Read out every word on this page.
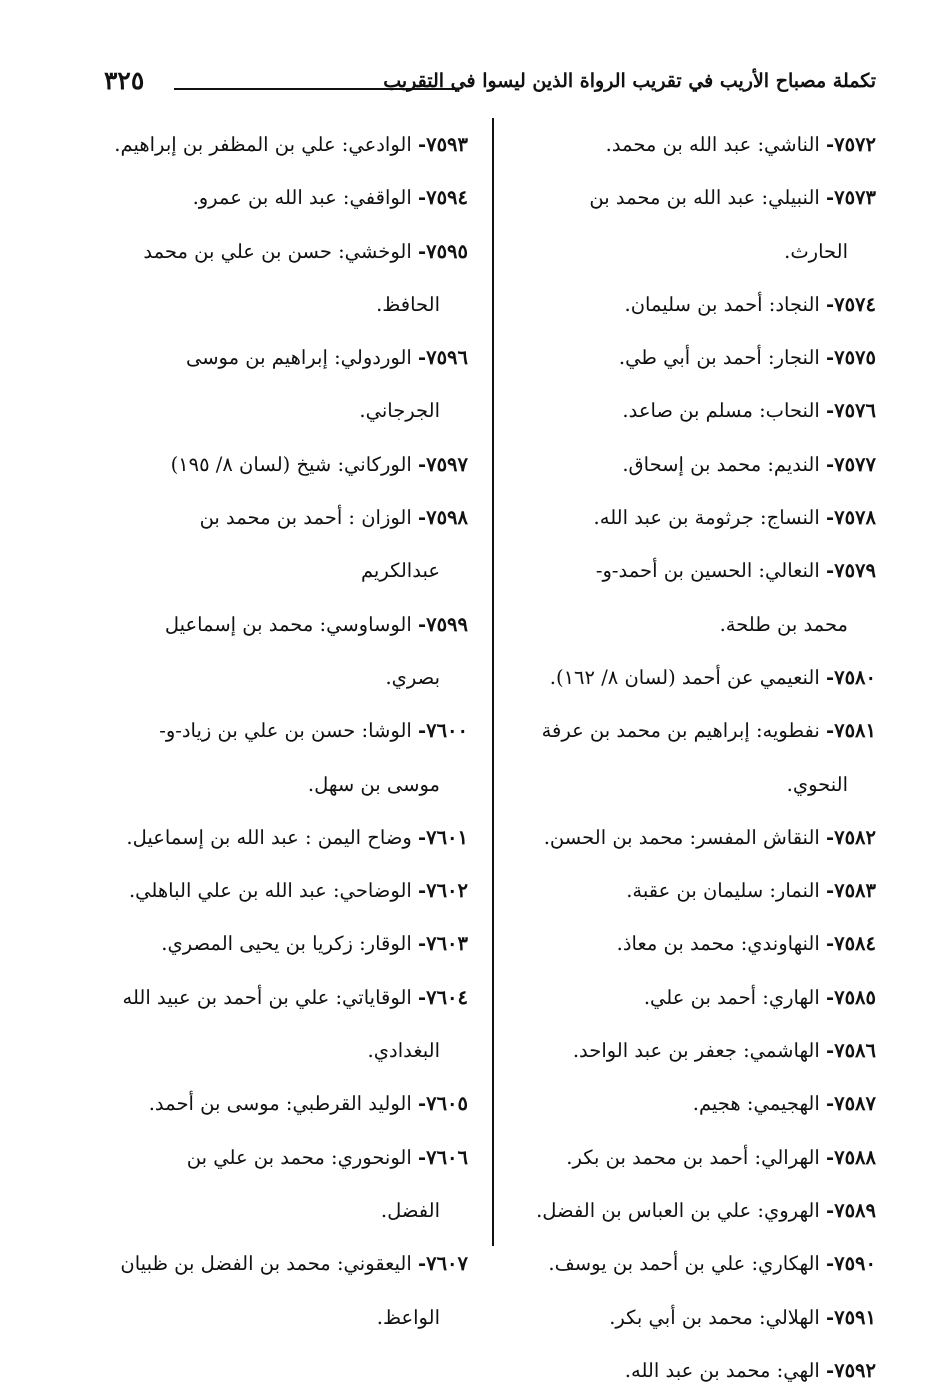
تكملة مصباح الأريب في تقريب الرواة الذين ليسوا في التقريب
٣٢٥
٧٥٧٢- الناشي: عبد الله بن محمد.
٧٥٧٣- النبيلي: عبد الله بن محمد بن
الحارث.
٧٥٧٤- النجاد: أحمد بن سليمان.
٧٥٧٥- النجار: أحمد بن أبي طي.
٧٥٧٦- النحاب: مسلم بن صاعد.
٧٥٧٧- النديم: محمد بن إسحاق.
٧٥٧٨- النساج: جرثومة بن عبد الله.
٧٥٧٩- النعالي: الحسين بن أحمد-و-
محمد بن طلحة.
٧٥٨٠- النعيمي عن أحمد (لسان ٨/ ١٦٢).
٧٥٨١- نفطويه: إبراهيم بن محمد بن عرفة
النحوي.
٧٥٨٢- النقاش المفسر: محمد بن الحسن.
٧٥٨٣- النمار: سليمان بن عقبة.
٧٥٨٤- النهاوندي: محمد بن معاذ.
٧٥٨٥- الهاري: أحمد بن علي.
٧٥٨٦- الهاشمي: جعفر بن عبد الواحد.
٧٥٨٧- الهجيمي: هجيم.
٧٥٨٨- الهرالي: أحمد بن محمد بن بكر.
٧٥٨٩- الهروي: علي بن العباس بن الفضل.
٧٥٩٠- الهكاري: علي بن أحمد بن يوسف.
٧٥٩١- الهلالي: محمد بن أبي بكر.
٧٥٩٢- الهي: محمد بن عبد الله.
٧٥٩٣- الوادعي: علي بن المظفر بن إبراهيم.
٧٥٩٤- الواقفي: عبد الله بن عمرو.
٧٥٩٥- الوخشي: حسن بن علي بن محمد
الحافظ.
٧٥٩٦- الوردولي: إبراهيم بن موسى
الجرجاني.
٧٥٩٧- الوركاني: شيخ (لسان ٨/ ١٩٥)
٧٥٩٨- الوزان : أحمد بن محمد بن
عبدالكريم
٧٥٩٩- الوساوسي: محمد بن إسماعيل
بصري.
٧٦٠٠- الوشا: حسن بن علي بن زياد-و-
موسى بن سهل.
٧٦٠١- وضاح اليمن : عبد الله بن إسماعيل.
٧٦٠٢- الوضاحي: عبد الله بن علي الباهلي.
٧٦٠٣- الوقار: زكريا بن يحيى المصري.
٧٦٠٤- الوقاياتي: علي بن أحمد بن عبيد الله
البغدادي.
٧٦٠٥- الوليد القرطبي: موسى بن أحمد.
٧٦٠٦- الونحوري: محمد بن علي بن
الفضل.
٧٦٠٧- اليعقوني: محمد بن الفضل بن ظبيان
الواعظ.
